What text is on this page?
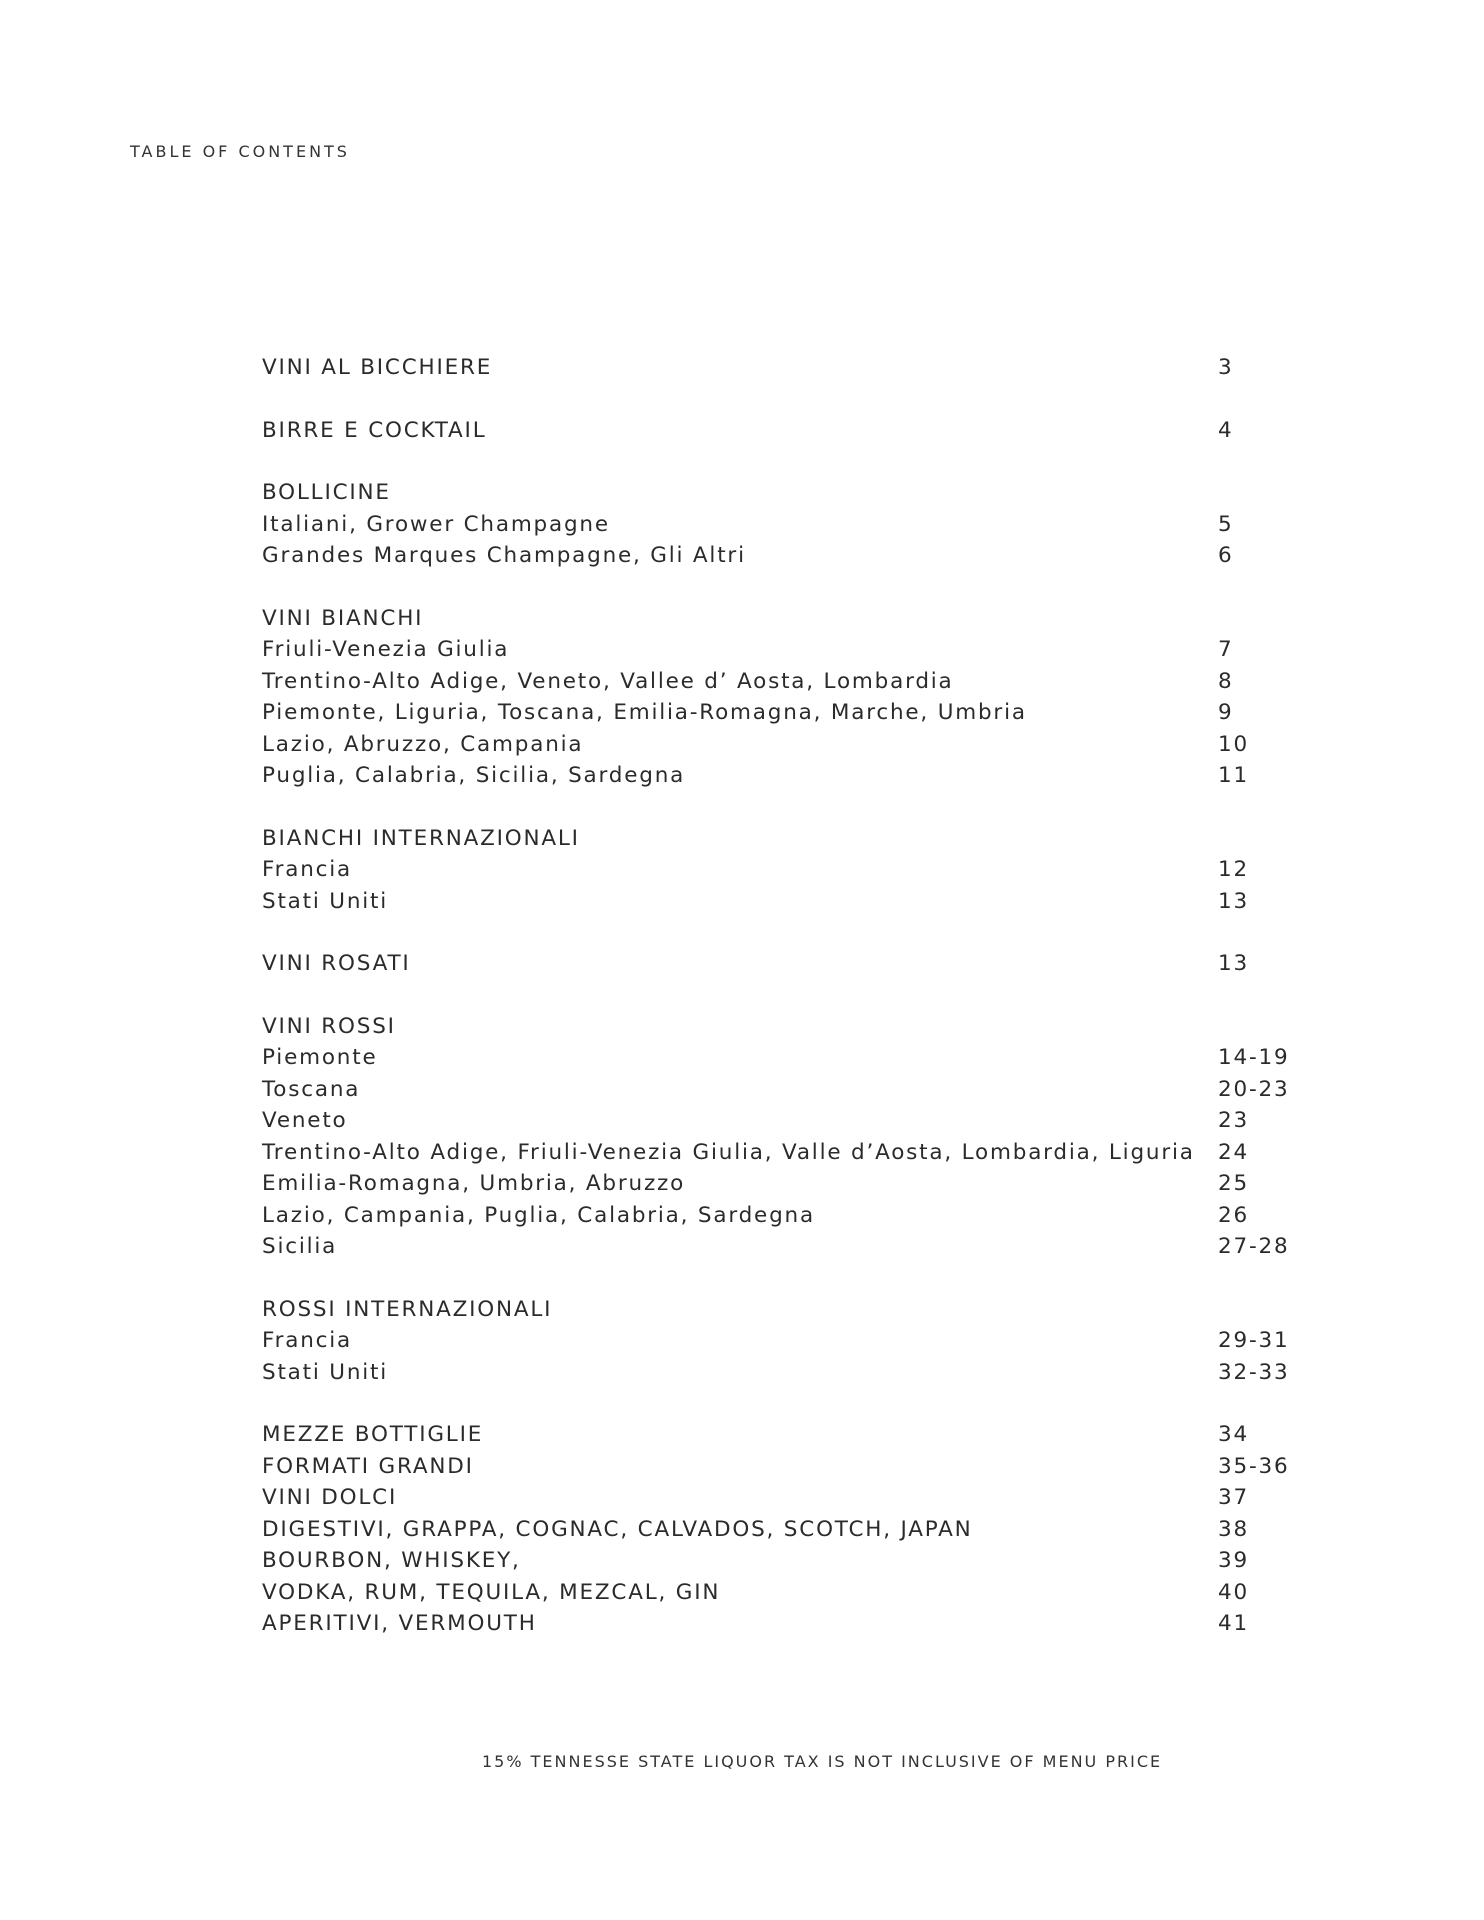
TABLE OF CONTENTS
VINI AL BICCHIERE	3
BIRRE E COCKTAIL	4
BOLLICINE
Italiani, Grower Champagne	5
Grandes Marques Champagne, Gli Altri	6
VINI BIANCHI
Friuli-Venezia Giulia	7
Trentino-Alto Adige, Veneto, Vallee d’ Aosta, Lombardia	8
Piemonte, Liguria, Toscana, Emilia-Romagna, Marche, Umbria	9
Lazio, Abruzzo, Campania	10
Puglia, Calabria, Sicilia, Sardegna	11
BIANCHI INTERNAZIONALI
Francia	12
Stati Uniti	13
VINI ROSATI	13
VINI ROSSI
Piemonte	14-19
Toscana	20-23
Veneto	23
Trentino-Alto Adige, Friuli-Venezia Giulia, Valle d’Aosta, Lombardia, Liguria	24
Emilia-Romagna, Umbria, Abruzzo	25
Lazio, Campania, Puglia, Calabria, Sardegna	26
Sicilia	27-28
ROSSI INTERNAZIONALI
Francia	29-31
Stati Uniti	32-33
MEZZE BOTTIGLIE	34
FORMATI GRANDI	35-36
VINI DOLCI	37
DIGESTIVI, GRAPPA, COGNAC, CALVADOS, SCOTCH, JAPAN	38
BOURBON, WHISKEY,	39
VODKA, RUM, TEQUILA, MEZCAL, GIN	40
APERITIVI, VERMOUTH	41
15% TENNESSE STATE LIQUOR TAX IS NOT INCLUSIVE OF MENU PRICE
